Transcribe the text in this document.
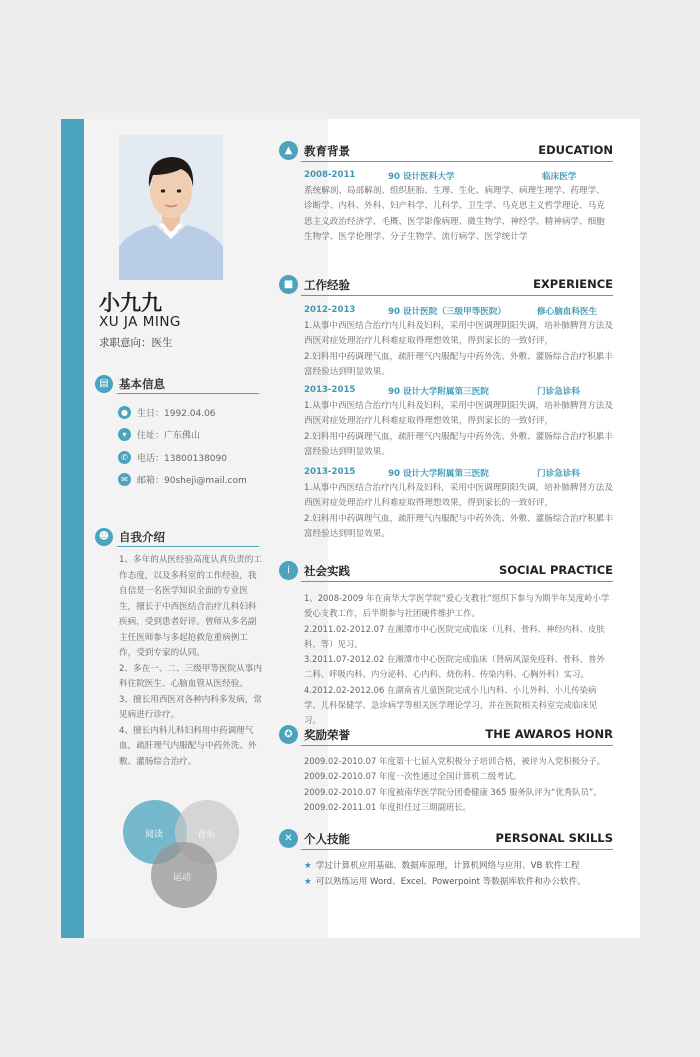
小九九
XU JA MING
求职意向：医生
▤ 基本信息
●	生日：1992.04.06
▾	住址：广东佛山
✆	电话：13800138090
✉	邮箱：90sheji@mail.com
☻ 自我介绍

1、多年的从医经验高度认真负责的工作态度，以及多科室的工作经验，我自信是一名医学知识全面的专业医生，擅长于中西医结合治疗儿科妇科疾病，受到患者好评。曾师从多名副主任医师参与多起抢救危重病例工作，受到专家的认同。

2、多在一、二、三级甲等医院从事内科住院医生、心脑血管从医经验。

3、擅长用西医对各种内科多发病，常见病进行诊疗。

4、擅长内科儿科妇科用中药调理气血，疏肝理气内服配与中药外洗、外敷、灌肠综合治疗。

阅读	音乐
运动
▲	教育背景	EDUCATION
2008-2011	90 设计医科大学	临床医学
系统解剖、局部解剖、组织胚胎、生理、生化、病理学、病理生理学、药理学、诊断学、内科、外科、妇产科学、儿科学、卫生学、马克思主义哲学理论、马克思主义政治经济学、毛概、医学影像病理、微生物学、神经学、精神病学、细胞生物学、医学伦理学、分子生物学、流行病学、医学统计学
■ 工作经验	EXPERIENCE
2012-2013	90 设计医院（三级甲等医院）	修心脑血科医生

1.从事中西医结合治疗内儿科及妇科，采用中医调理阴阳失调，培补肺脾肾方法及西医对症处理治疗儿科难症取得理想效果，得到家长的一致好评，

2.妇科用中药调理气血，疏肝理气内服配与中药外洗、外敷、灌肠综合治疗积累丰富经验达到明显效果。

2013-2015	90 设计大学附属第三医院	门诊急诊科

1.从事中西医结合治疗内儿科及妇科，采用中医调理阴阳失调，培补肺脾肾方法及西医对症处理治疗儿科难症取得理想效果，得到家长的一致好评，

2.妇科用中药调理气血，疏肝理气内服配与中药外洗、外敷、灌肠综合治疗积累丰富经验达到明显效果。

2013-2015	90 设计大学附属第三医院	门诊急诊科

1.从事中西医结合治疗内儿科及妇科，采用中医调理阴阳失调，培补肺脾肾方法及西医对症处理治疗儿科难症取得理想效果，得到家长的一致好评，

2.妇科用中药调理气血，疏肝理气内服配与中药外洗、外敷、灌肠综合治疗积累丰富经验达到明显效果。

i	社会实践	SOCIAL PRACTICE

1、2008-2009 年在南华大学医学院“爱心支教社”组织下参与为期半年吴度岭小学爱心支教工作，后半期参与社团硬件维护工作。

2.2011.02-2012.07 在湘潭市中心医院完成临床（儿科、骨科、神经内科、皮肤科、等）见习。

3.2011.07-2012.02 在湘潭市中心医院完成临床（肾病风湿免疫科、骨科、普外二科、呼吸内科、内分泌科、心内科、烧伤科、传染内科、心胸外科）实习。

4.2012.02-2012.06 在湖南省儿童医院完成小儿内科、小儿外科、小儿传染病学、儿科保健学、急诊病学等相关医学理论学习，并在医院相关科室完成临床见习。

✪ 奖励荣誉	THE AWAROS HONR

2009.02-2010.07 年度第十七届入党积极分子培训合格，被评为入党积极分子。

2009.02-2010.07 年度一次性通过全国计算机二级考试。

2009.02-2010.07 年度被南华医学院分团委健康 365 服务队评为“优秀队员”。

2009.02-2011.01 年度担任过三期副班长。

✕ 个人技能	PERSONAL SKILLS
★ 学过计算机应用基础、数据库原理，计算机网络与应用、VB 软件工程
★ 可以熟练运用 Word、Excel、Powerpoint 等数据库软件和办公软件。
